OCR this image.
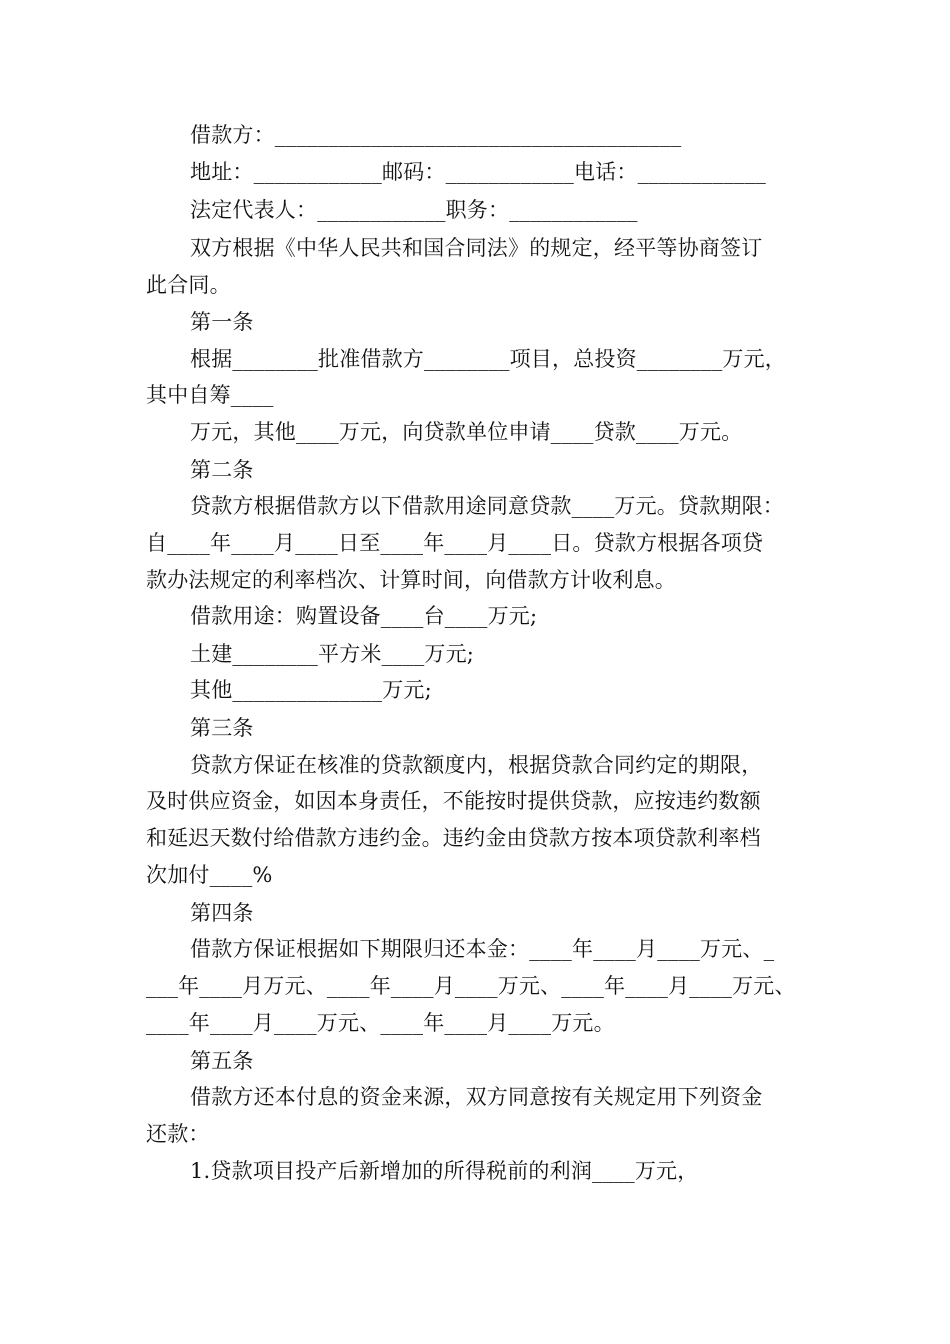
借款方：______________________________________
地址：____________邮码：____________电话：____________
法定代表人：____________职务：____________
双方根据《中华人民共和国合同法》的规定，经平等协商签订
此合同。
第一条
根据________批准借款方________项目，总投资________万元，
其中自筹____
万元，其他____万元，向贷款单位申请____贷款____万元。
第二条
贷款方根据借款方以下借款用途同意贷款____万元。贷款期限：
自____年____月____日至____年____月____日。贷款方根据各项贷
款办法规定的利率档次、计算时间，向借款方计收利息。
借款用途：购置设备____台____万元;
土建________平方米____万元;
其他______________万元;
第三条
贷款方保证在核准的贷款额度内，根据贷款合同约定的期限，
及时供应资金，如因本身责任，不能按时提供贷款，应按违约数额
和延迟天数付给借款方违约金。违约金由贷款方按本项贷款利率档
次加付____%
第四条
借款方保证根据如下期限归还本金：____年____月____万元、_
___年____月万元、____年____月____万元、____年____月____万元、
____年____月____万元、____年____月____万元。
第五条
借款方还本付息的资金来源，双方同意按有关规定用下列资金
还款：
1.贷款项目投产后新增加的所得税前的利润____万元，
